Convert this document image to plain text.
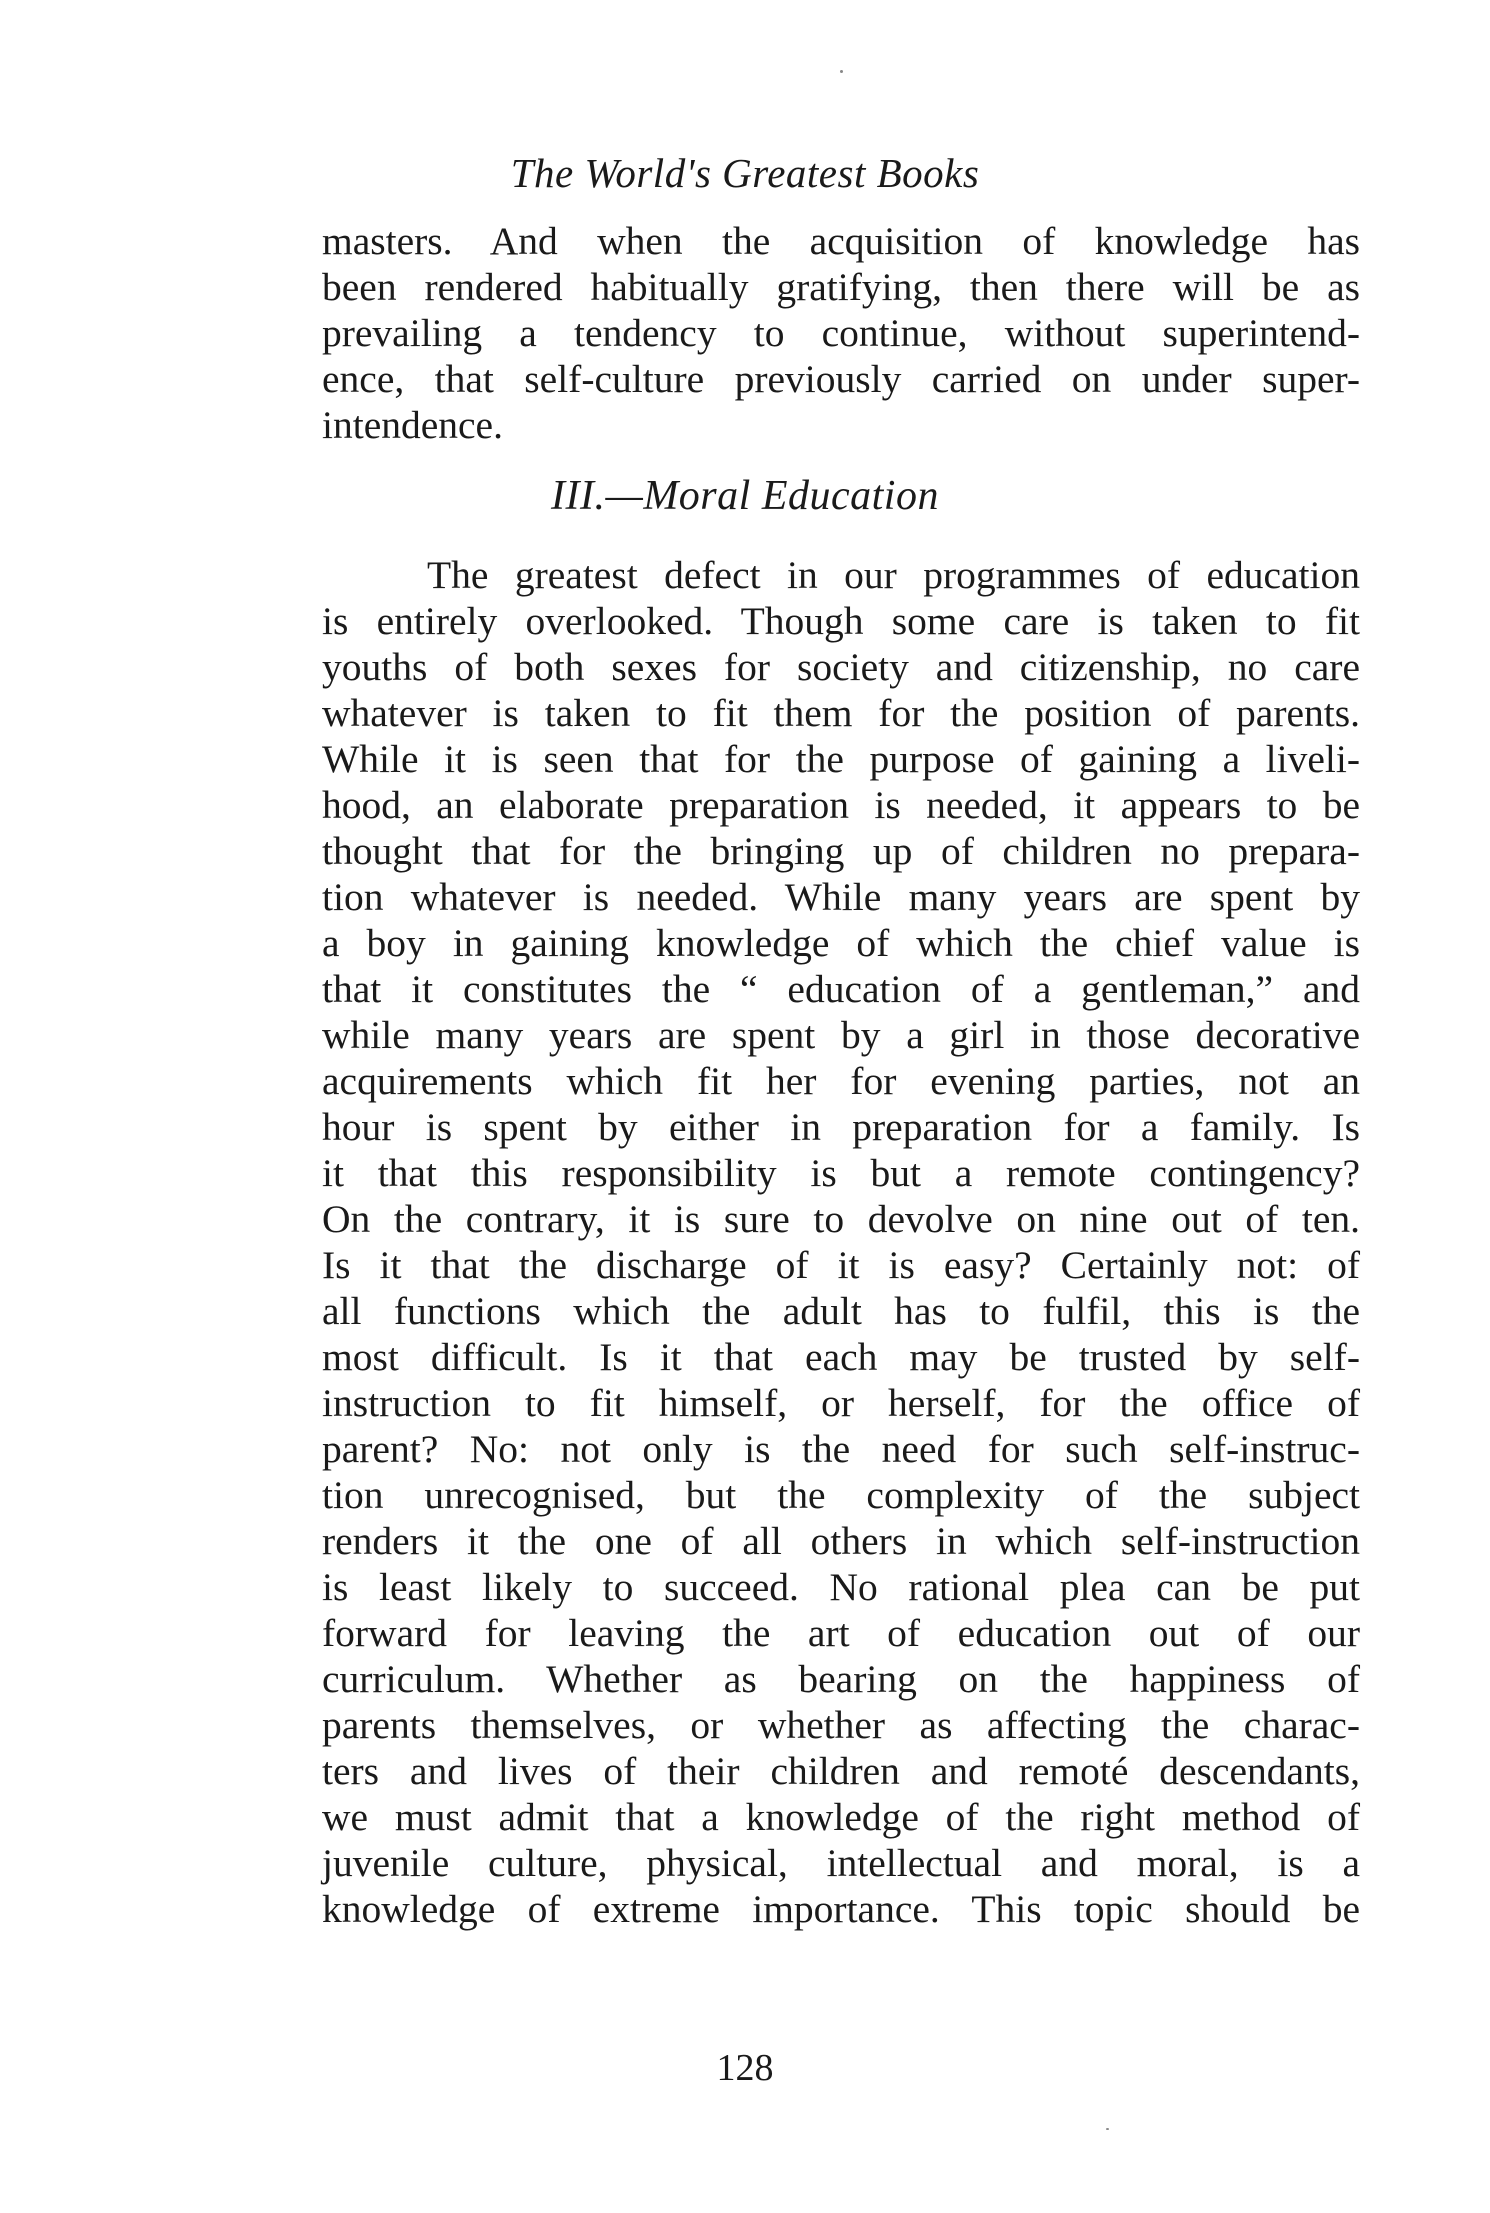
The World's Greatest Books
masters. And when the acquisition of knowledge has
been rendered habitually gratifying, then there will be as
prevailing a tendency to continue, without superintend-
ence, that self-culture previously carried on under super-
intendence.
III.—Moral Education
The greatest defect in our programmes of education
is entirely overlooked. Though some care is taken to fit
youths of both sexes for society and citizenship, no care
whatever is taken to fit them for the position of parents.
While it is seen that for the purpose of gaining a liveli-
hood, an elaborate preparation is needed, it appears to be
thought that for the bringing up of children no prepara-
tion whatever is needed. While many years are spent by
a boy in gaining knowledge of which the chief value is
that it constitutes the “ education of a gentleman,” and
while many years are spent by a girl in those decorative
acquirements which fit her for evening parties, not an
hour is spent by either in preparation for a family. Is
it that this responsibility is but a remote contingency?
On the contrary, it is sure to devolve on nine out of ten.
Is it that the discharge of it is easy? Certainly not: of
all functions which the adult has to fulfil, this is the
most difficult. Is it that each may be trusted by self-
instruction to fit himself, or herself, for the office of
parent? No: not only is the need for such self-instruc-
tion unrecognised, but the complexity of the subject
renders it the one of all others in which self-instruction
is least likely to succeed. No rational plea can be put
forward for leaving the art of education out of our
curriculum. Whether as bearing on the happiness of
parents themselves, or whether as affecting the charac-
ters and lives of their children and remoté descendants,
we must admit that a knowledge of the right method of
juvenile culture, physical, intellectual and moral, is a
knowledge of extreme importance. This topic should be
128
